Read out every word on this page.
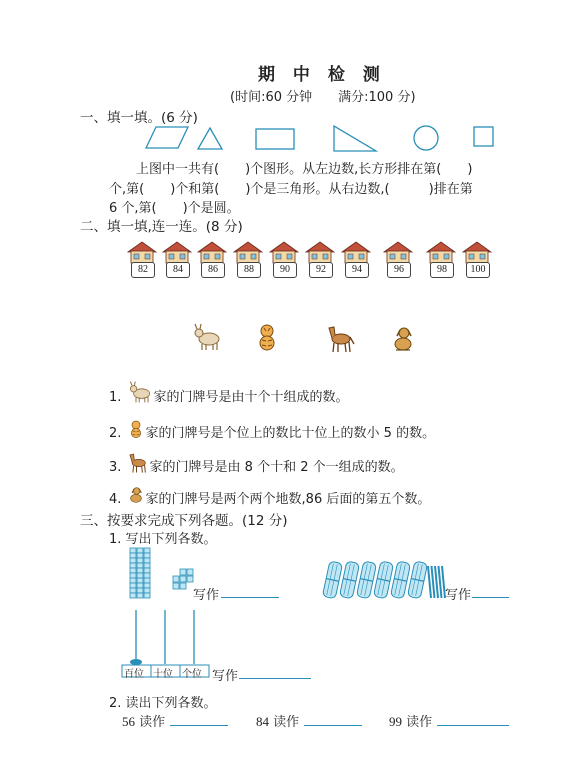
期 中 检 测
(时间:60 分钟　　满分:100 分)
一、填一填。(6 分)
上图中一共有(　　)个图形。从左边数,长方形排在第(　　)
个,第(　　)个和第(　　)个是三角形。从右边数,(　　　)排在第
6 个,第(　　)个是圆。
二、填一填,连一连。(8 分)
82	84	86	88	90	92	94	96	98	100
1. 家的门牌号是由十个十组成的数。
2. 家的门牌号是个位上的数比十位上的数小 5 的数。
3. 家的门牌号是由 8 个十和 2 个一组成的数。
4. 家的门牌号是两个两个地数,86 后面的第五个数。
三、按要求完成下列各题。(12 分)
1. 写出下列各数。
写作	写作
百位 十位 个位 写作
2. 读出下列各数。
56 读作	84 读作	99 读作
